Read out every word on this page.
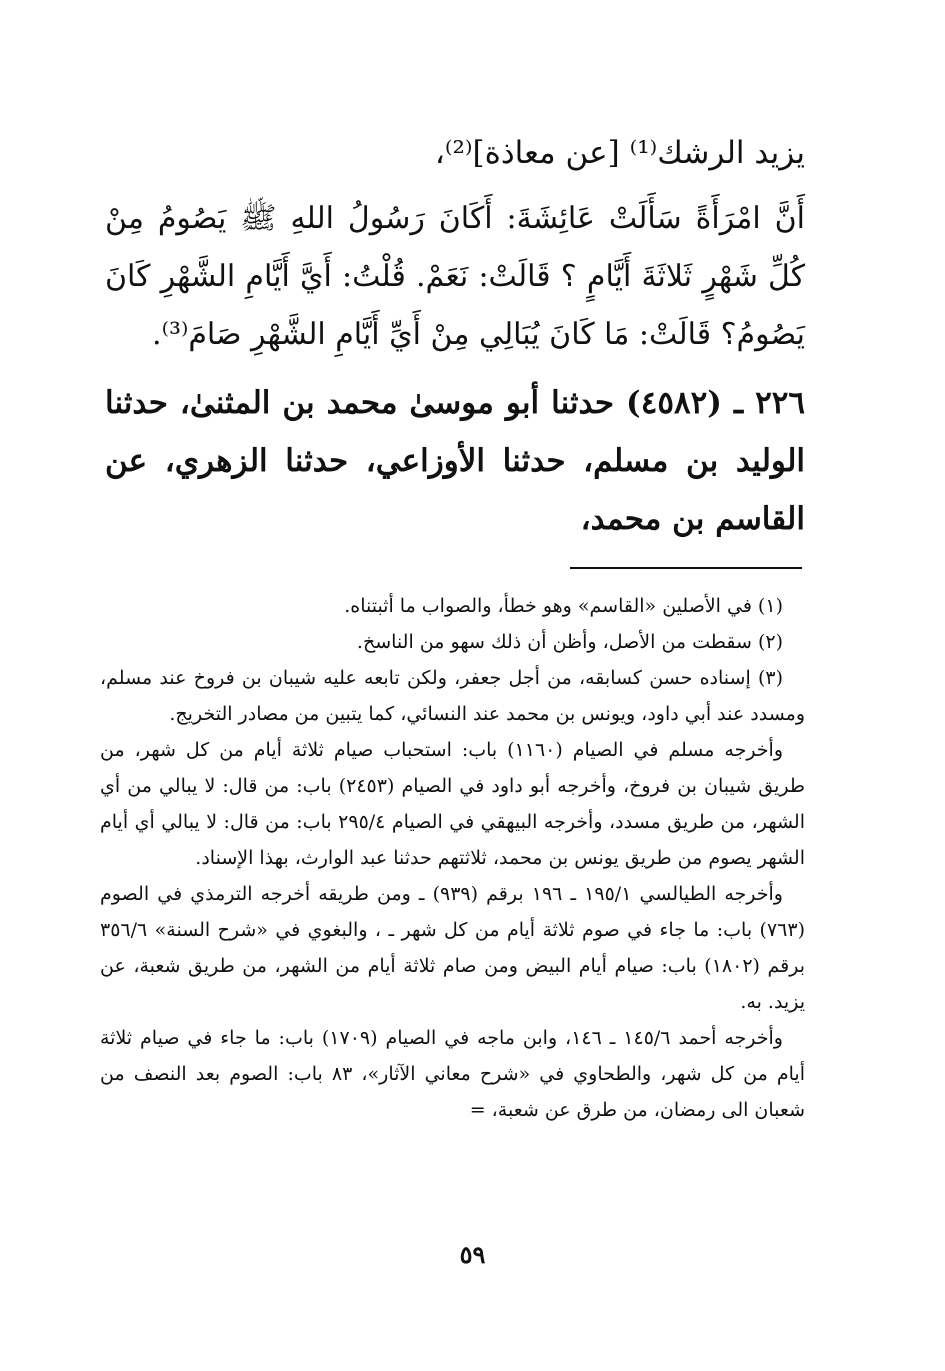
يزيد الرشك⁽¹⁾ [عن معاذة]⁽²⁾،

أَنَّ امْرَأَةً سَأَلَتْ عَائِشَةَ: أَكَانَ رَسُولُ اللهِ ﷺ يَصُومُ مِنْ كُلِّ شَهْرٍ ثَلاثَةَ أَيَّامٍ ؟ قَالَتْ: نَعَمْ. قُلْتُ: أَيَّ أَيَّامِ الشَّهْرِ كَانَ يَصُومُ؟ قَالَتْ: مَا كَانَ يُبَالِي مِنْ أَيِّ أَيَّامِ الشَّهْرِ صَامَ⁽³⁾.

٢٢٦ ـ (٤٥٨٢) حدثنا أبو موسىٰ محمد بن المثنىٰ، حدثنا الوليد بن مسلم، حدثنا الأوزاعي، حدثنا الزهري، عن القاسم بن محمد،

(١) في الأصلين «القاسم» وهو خطأ، والصواب ما أثبتناه.

(٢) سقطت من الأصل، وأظن أن ذلك سهو من الناسخ.

(٣) إسناده حسن كسابقه، من أجل جعفر، ولكن تابعه عليه شيبان بن فروخ عند مسلم، ومسدد عند أبي داود، ويونس بن محمد عند النسائي، كما يتبين من مصادر التخريج.

وأخرجه مسلم في الصيام (١١٦٠) باب: استحباب صيام ثلاثة أيام من كل شهر، من طريق شيبان بن فروخ، وأخرجه أبو داود في الصيام (٢٤٥٣) باب: من قال: لا يبالي من أي الشهر، من طريق مسدد، وأخرجه البيهقي في الصيام ٢٩٥/٤ باب: من قال: لا يبالي أي أيام الشهر يصوم من طريق يونس بن محمد، ثلاثتهم حدثنا عبد الوارث، بهذا الإسناد.

وأخرجه الطيالسي ١٩٥/١ ـ ١٩٦ برقم (٩٣٩) ـ ومن طريقه أخرجه الترمذي في الصوم (٧٦٣) باب: ما جاء في صوم ثلاثة أيام من كل شهر ـ ، والبغوي في «شرح السنة» ٣٥٦/٦ برقم (١٨٠٢) باب: صيام أيام البيض ومن صام ثلاثة أيام من الشهر، من طريق شعبة، عن يزيد. به.

وأخرجه أحمد ١٤٥/٦ ـ ١٤٦، وابن ماجه في الصيام (١٧٠٩) باب: ما جاء في صيام ثلاثة أيام من كل شهر، والطحاوي في «شرح معاني الآثار»، ٨٣ باب: الصوم بعد النصف من شعبان الى رمضان، من طرق عن شعبة، =

٥٩
